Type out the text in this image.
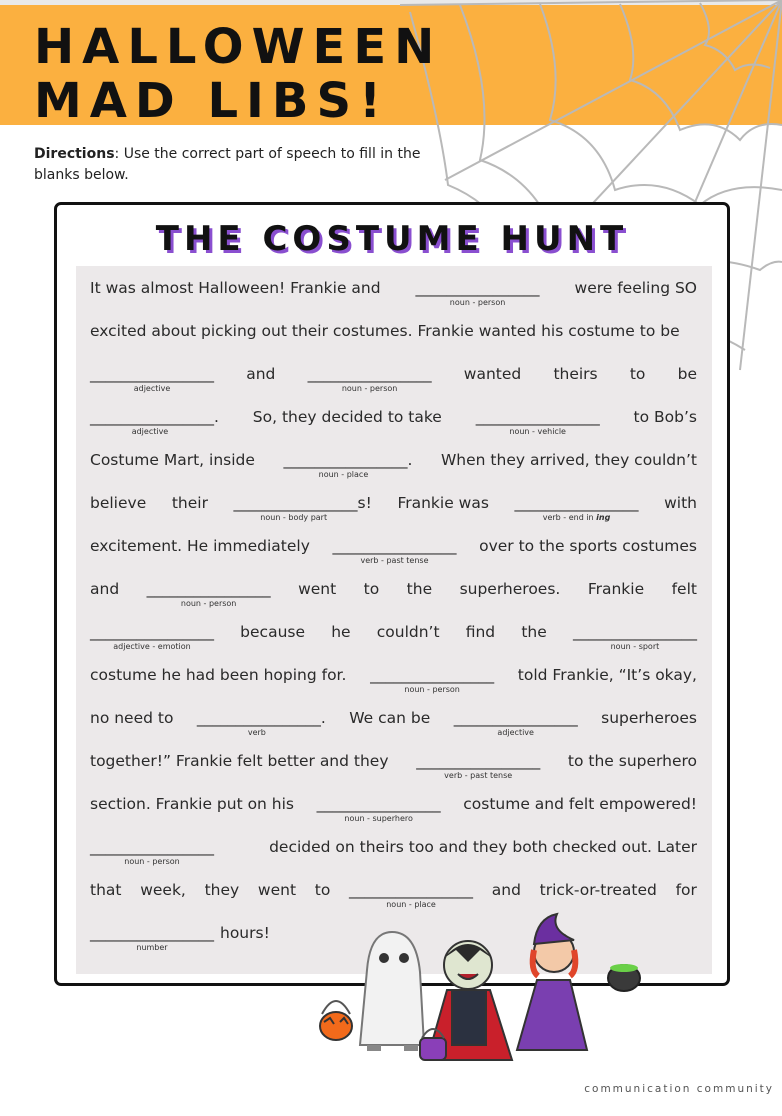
HALLOWEEN
MAD LIBS!
Directions: Use the correct part of speech to fill in the blanks below.
THE COSTUME HUNT
It was almost Halloween! Frankie and ________________
noun - person
were feeling SO
excited about picking out their costumes. Frankie wanted his costume to be
________________
adjective
and ________________
noun - person
wanted theirs to be
________________.
adjective
So, they decided to take ________________
noun - vehicle
to Bob’s
Costume Mart, inside ________________.
noun - place
When they arrived, they couldn’t
believe their ________________s!
noun - body part
Frankie was ________________
verb - end in ing
with
excitement. He immediately ________________
verb - past tense
over to the sports costumes
and ________________
noun - person
went to the superheroes. Frankie felt
________________
adjective - emotion
because he couldn’t find the ________________
noun - sport
costume he had been hoping for. ________________
noun - person
told Frankie, “It’s okay,
no need to ________________.
verb
We can be ________________
adjective
superheroes
together!” Frankie felt better and they ________________
verb - past tense
to the superhero
section. Frankie put on his ________________
noun - superhero
costume and felt empowered!
________________
noun - person
decided on theirs too and they both checked out. Later
that week, they went to ________________
noun - place
and trick-or-treated for
________________
number
hours!
communication community
